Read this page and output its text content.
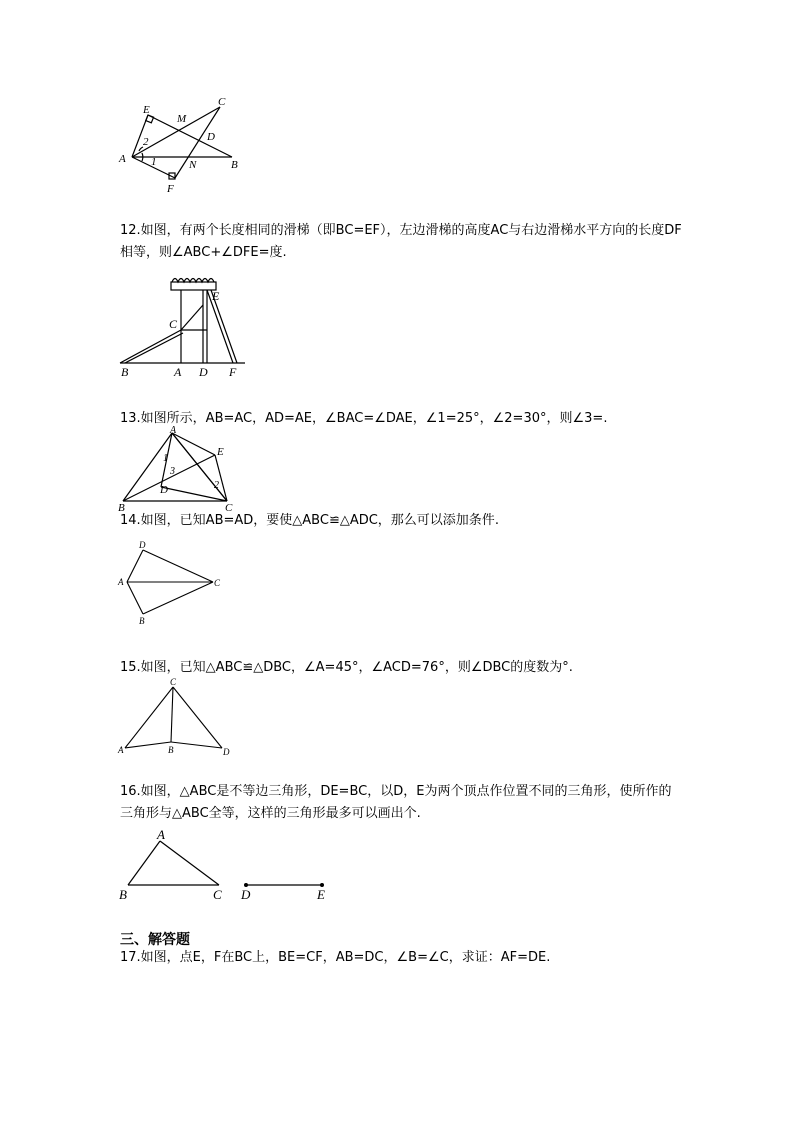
E
M
C
2	D
A 1	N	B
F
12.如图，有两个长度相同的滑梯（即BC=EF），左边滑梯的高度AC与右边滑梯水平方向的长度DF
相等，则∠ABC+∠DFE=度.
E
C
B	A D F
13.如图所示，AB=AC，AD=AE，∠BAC=∠DAE，∠1=25°，∠2=30°，则∠3=.
A
E
1
3
2
D
B	C
14.如图，已知AB=AD，要使△ABC≌△ADC，那么可以添加条件.
D
A	C
B
15.如图，已知△ABC≌△DBC，∠A=45°，∠ACD=76°，则∠DBC的度数为°.
C
A	B	D
16.如图，△ABC是不等边三角形，DE=BC，以D，E为两个顶点作位置不同的三角形，使所作的
三角形与△ABC全等，这样的三角形最多可以画出个.
A
B	C D	E
三、解答题
17.如图，点E，F在BC上，BE=CF，AB=DC，∠B=∠C，求证：AF=DE.
